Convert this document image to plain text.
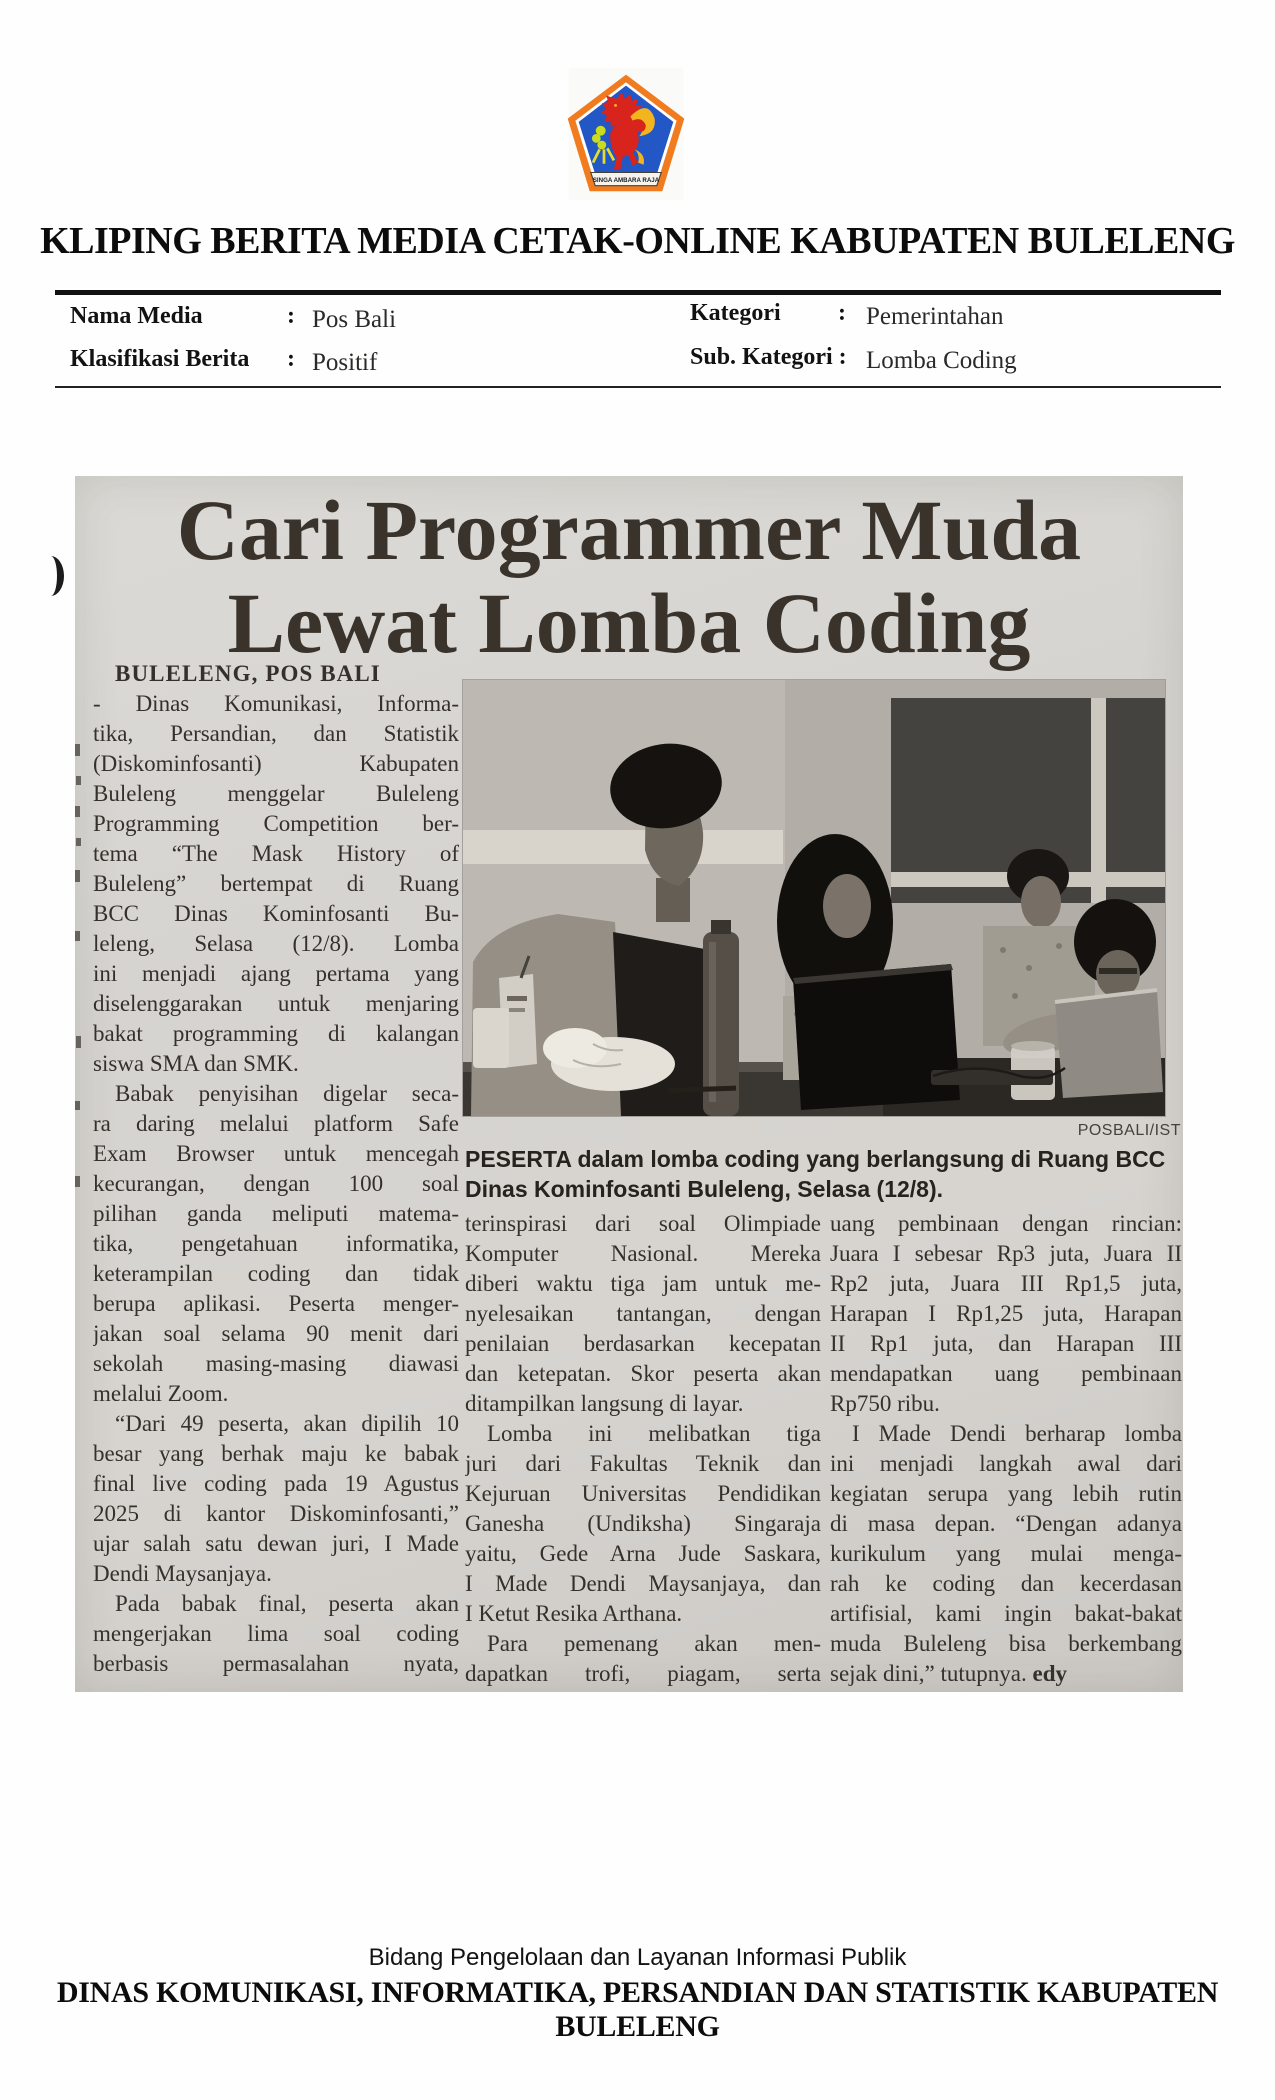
SINGA AMBARA RAJA
KLIPING BERITA MEDIA CETAK-ONLINE KABUPATEN BULELENG
Nama Media	: Pos Bali
Klasifikasi Berita : Positif
Kategori : Pemerintahan
Sub. Kategori : Lomba Coding
Cari Programmer Muda
Lewat Lomba Coding
BULELENG, POS BALI
- Dinas Komunikasi, Informa-
tika, Persandian, dan Statistik
(Diskominfosanti) Kabupaten
Buleleng menggelar Buleleng
Programming Competition ber-
tema “The Mask History of
Buleleng” bertempat di Ruang
BCC Dinas Kominfosanti Bu-
leleng, Selasa (12/8). Lomba
ini menjadi ajang pertama yang
diselenggarakan untuk menjaring
bakat programming di kalangan
siswa SMA dan SMK.
Babak penyisihan digelar seca-
ra daring melalui platform Safe
Exam Browser untuk mencegah
kecurangan, dengan 100 soal
pilihan ganda meliputi matema-
tika, pengetahuan informatika,
keterampilan coding dan tidak
berupa aplikasi. Peserta menger-
jakan soal selama 90 menit dari
sekolah masing-masing diawasi
melalui Zoom.
“Dari 49 peserta, akan dipilih 10
besar yang berhak maju ke babak
final live coding pada 19 Agustus
2025 di kantor Diskominfosanti,”
ujar salah satu dewan juri, I Made
Dendi Maysanjaya.
Pada babak final, peserta akan
mengerjakan lima soal coding
berbasis permasalahan nyata,
POSBALI/IST
PESERTA dalam lomba coding yang berlangsung di Ruang BCC Dinas Kominfosanti Buleleng, Selasa (12/8).
terinspirasi dari soal Olimpiade
Komputer Nasional. Mereka
diberi waktu tiga jam untuk me-
nyelesaikan tantangan, dengan
penilaian berdasarkan kecepatan
dan ketepatan. Skor peserta akan
ditampilkan langsung di layar.
Lomba ini melibatkan tiga
juri dari Fakultas Teknik dan
Kejuruan Universitas Pendidikan
Ganesha (Undiksha) Singaraja
yaitu, Gede Arna Jude Saskara,
I Made Dendi Maysanjaya, dan
I Ketut Resika Arthana.
Para pemenang akan men-
dapatkan trofi, piagam, serta
uang pembinaan dengan rincian:
Juara I sebesar Rp3 juta, Juara II
Rp2 juta, Juara III Rp1,5 juta,
Harapan I Rp1,25 juta, Harapan
II Rp1 juta, dan Harapan III
mendapatkan uang pembinaan
Rp750 ribu.
I Made Dendi berharap lomba
ini menjadi langkah awal dari
kegiatan serupa yang lebih rutin
di masa depan. “Dengan adanya
kurikulum yang mulai menga-
rah ke coding dan kecerdasan
artifisial, kami ingin bakat-bakat
muda Buleleng bisa berkembang
sejak dini,” tutupnya. edy
Bidang Pengelolaan dan Layanan Informasi Publik
DINAS KOMUNIKASI, INFORMATIKA, PERSANDIAN DAN STATISTIK KABUPATEN BULELENG
